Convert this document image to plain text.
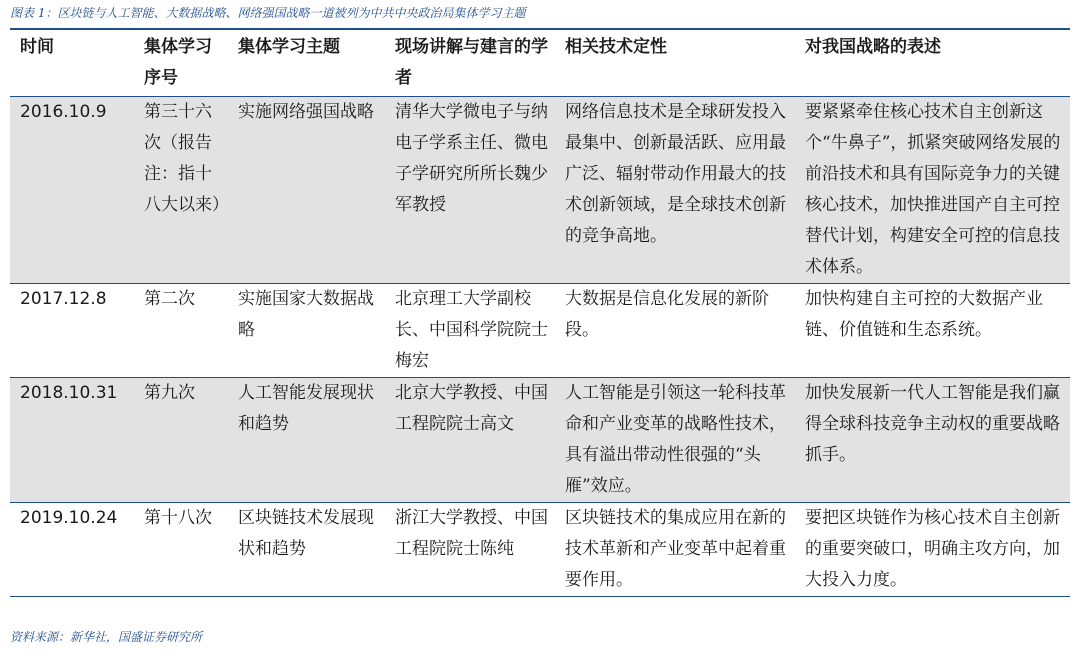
图表 1：区块链与人工智能、大数据战略、网络强国战略一道被列为中共中央政治局集体学习主题
时间	集体学习序号	集体学习主题	现场讲解与建言的学者	相关技术定性	对我国战略的表述
2016.10.9	第三十六次（报告注：指十八大以来）	实施网络强国战略	清华大学微电子与纳电子学系主任、微电子学研究所所长魏少军教授	网络信息技术是全球研发投入最集中、创新最活跃、应用最广泛、辐射带动作用最大的技术创新领域，是全球技术创新的竞争高地。	要紧紧牵住核心技术自主创新这个“牛鼻子”，抓紧突破网络发展的前沿技术和具有国际竞争力的关键核心技术，加快推进国产自主可控替代计划，构建安全可控的信息技术体系。
2017.12.8	第二次	实施国家大数据战略	北京理工大学副校长、中国科学院院士梅宏	大数据是信息化发展的新阶段。	加快构建自主可控的大数据产业链、价值链和生态系统。
2018.10.31	第九次	人工智能发展现状和趋势	北京大学教授、中国工程院院士高文	人工智能是引领这一轮科技革命和产业变革的战略性技术，具有溢出带动性很强的“头雁”效应。	加快发展新一代人工智能是我们赢得全球科技竞争主动权的重要战略抓手。
2019.10.24	第十八次	区块链技术发展现状和趋势	浙江大学教授、中国工程院院士陈纯	区块链技术的集成应用在新的技术革新和产业变革中起着重要作用。	要把区块链作为核心技术自主创新的重要突破口，明确主攻方向，加大投入力度。
资料来源：新华社，国盛证券研究所
